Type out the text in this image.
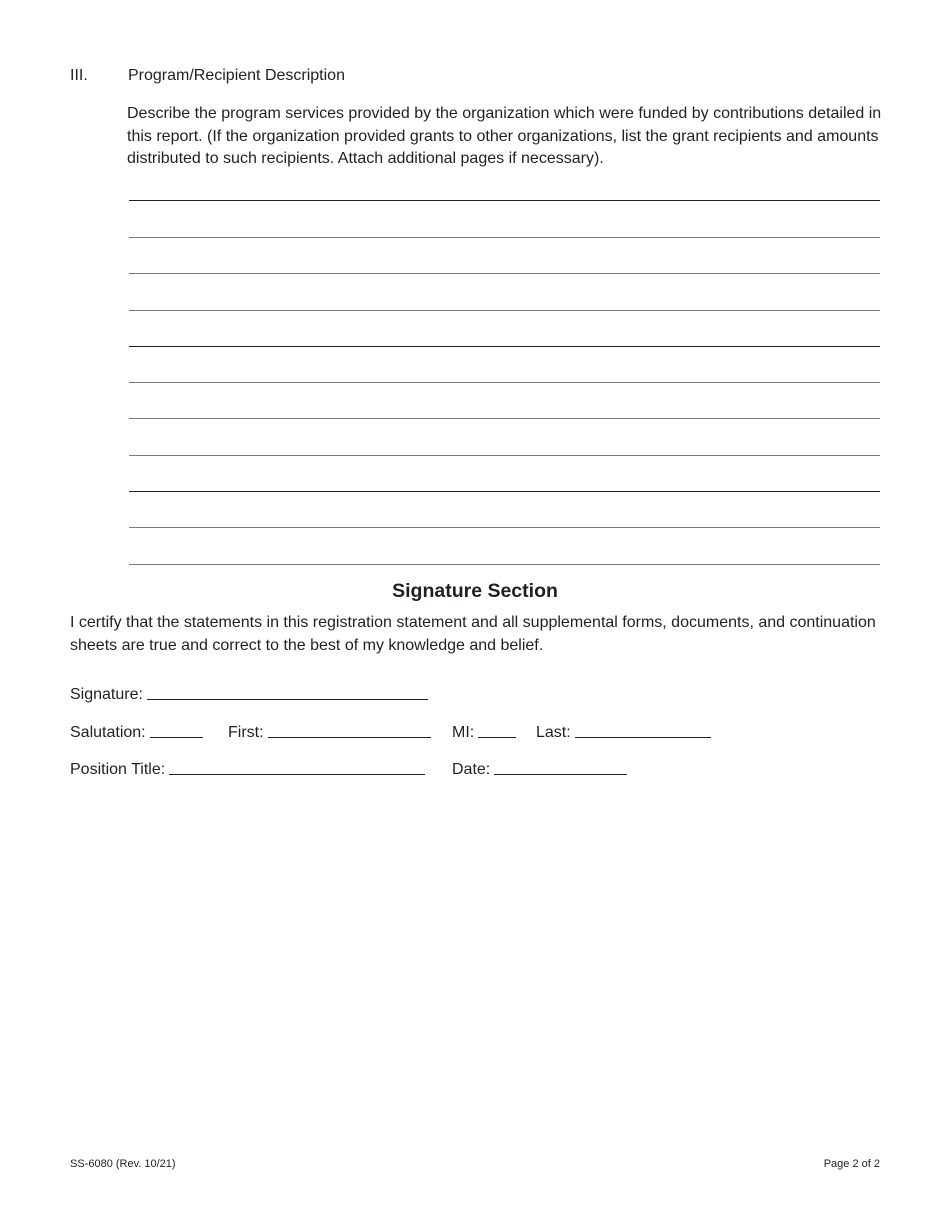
III.	Program/Recipient Description
Describe the program services provided by the organization which were funded by contributions detailed in this report. (If the organization provided grants to other organizations, list the grant recipients and amounts distributed to such recipients. Attach additional pages if necessary).
Signature Section
I certify that the statements in this registration statement and all supplemental forms, documents, and continuation sheets are true and correct to the best of my knowledge and belief.
Signature:
Salutation:	First:	MI:	Last:
Position Title:	Date:
SS-6080 (Rev. 10/21)	Page 2 of 2
